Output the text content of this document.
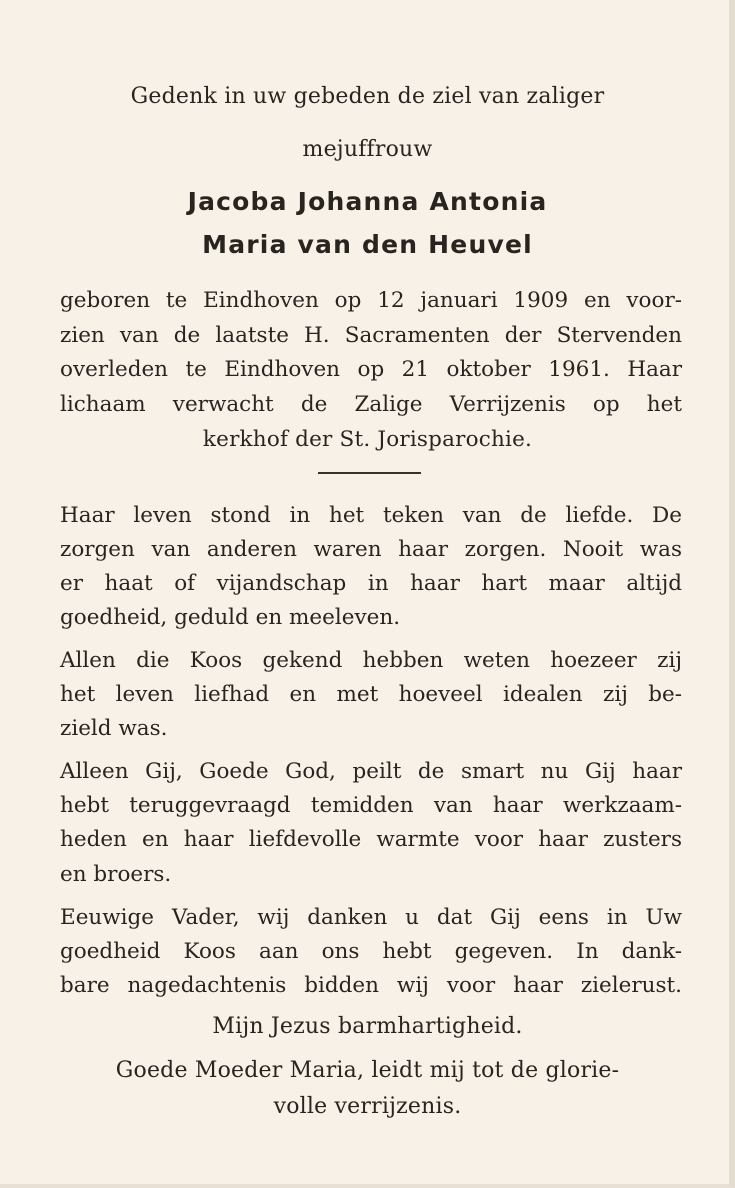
Gedenk in uw gebeden de ziel van zaliger
mejuffrouw
Jacoba Johanna Antonia
Maria van den Heuvel
geboren te Eindhoven op 12 januari 1909 en voor-
zien van de laatste H. Sacramenten der Stervenden
overleden te Eindhoven op 21 oktober 1961. Haar
lichaam verwacht de Zalige Verrijzenis op het
kerkhof der St. Jorisparochie.
Haar leven stond in het teken van de liefde. De
zorgen van anderen waren haar zorgen. Nooit was
er haat of vijandschap in haar hart maar altijd
goedheid, geduld en meeleven.
Allen die Koos gekend hebben weten hoezeer zij
het leven liefhad en met hoeveel idealen zij be-
zield was.
Alleen Gij, Goede God, peilt de smart nu Gij haar
hebt teruggevraagd temidden van haar werkzaam-
heden en haar liefdevolle warmte voor haar zusters
en broers.
Eeuwige Vader, wij danken u dat Gij eens in Uw
goedheid Koos aan ons hebt gegeven. In dank-
bare nagedachtenis bidden wij voor haar zielerust.
Mijn Jezus barmhartigheid.
Goede Moeder Maria, leidt mij tot de glorie-
volle verrijzenis.
